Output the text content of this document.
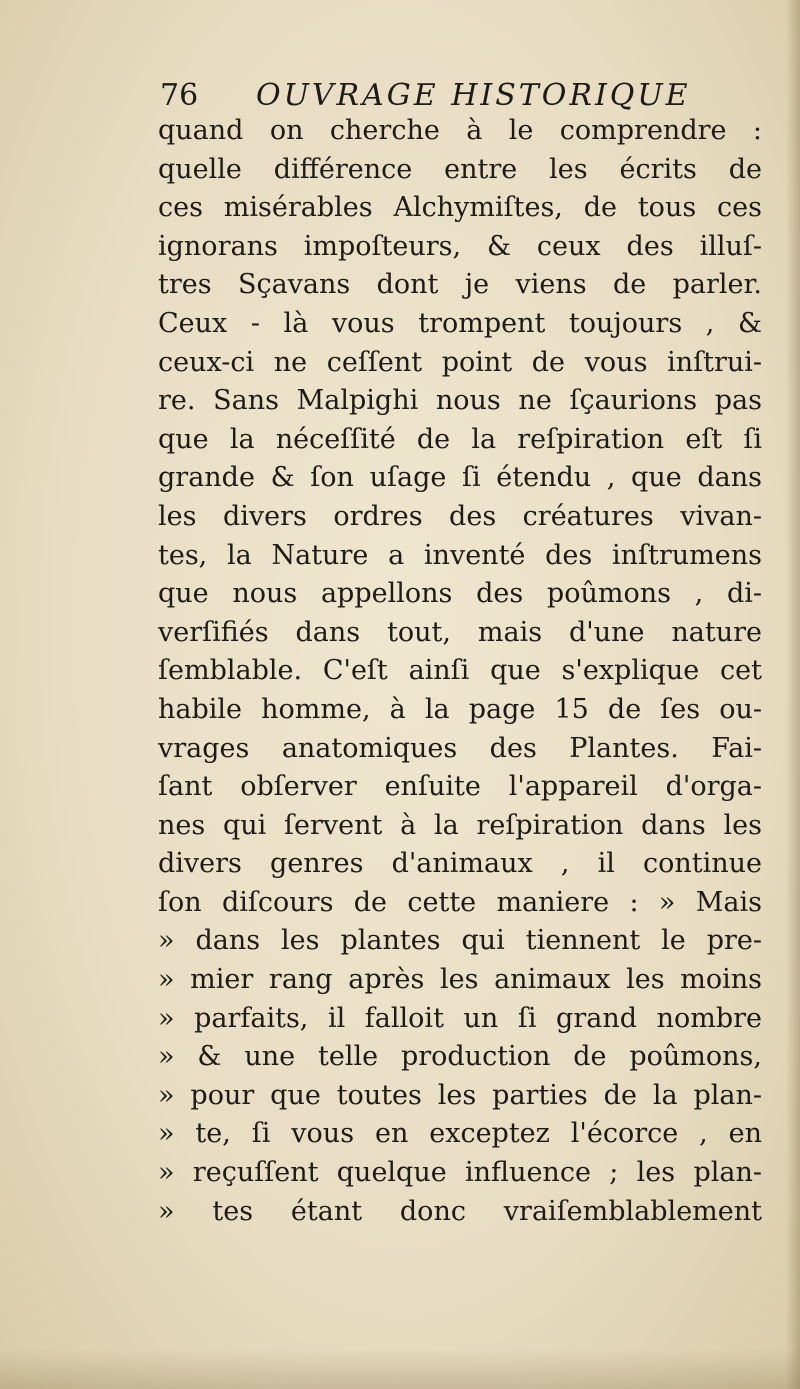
76 OUVRAGE HISTORIQUE
quand on cherche à le comprendre :
quelle différence entre les écrits de
ces misérables Alchymiſtes, de tous ces
ignorans impoſteurs, & ceux des illuſ-
tres Sçavans dont je viens de parler.
Ceux - là vous trompent toujours , &
ceux-ci ne ceſſent point de vous inſtrui-
re. Sans Malpighi nous ne ſçaurions pas
que la néceſſité de la reſpiration eſt ſi
grande & ſon uſage ſi étendu , que dans
les divers ordres des créatures vivan-
tes, la Nature a inventé des inſtrumens
que nous appellons des poûmons , di-
verſifiés dans tout, mais d'une nature
ſemblable. C'eſt ainſi que s'explique cet
habile homme, à la page 15 de ſes ou-
vrages anatomiques des Plantes. Fai-
ſant obſerver enſuite l'appareil d'orga-
nes qui ſervent à la reſpiration dans les
divers genres d'animaux , il continue
ſon diſcours de cette maniere : » Mais
» dans les plantes qui tiennent le pre-
» mier rang après les animaux les moins
» parfaits, il falloit un ſi grand nombre
» & une telle production de poûmons,
» pour que toutes les parties de la plan-
» te, ſi vous en exceptez l'écorce , en
» reçuſſent quelque influence ; les plan-
» tes étant donc vraiſemblablement
